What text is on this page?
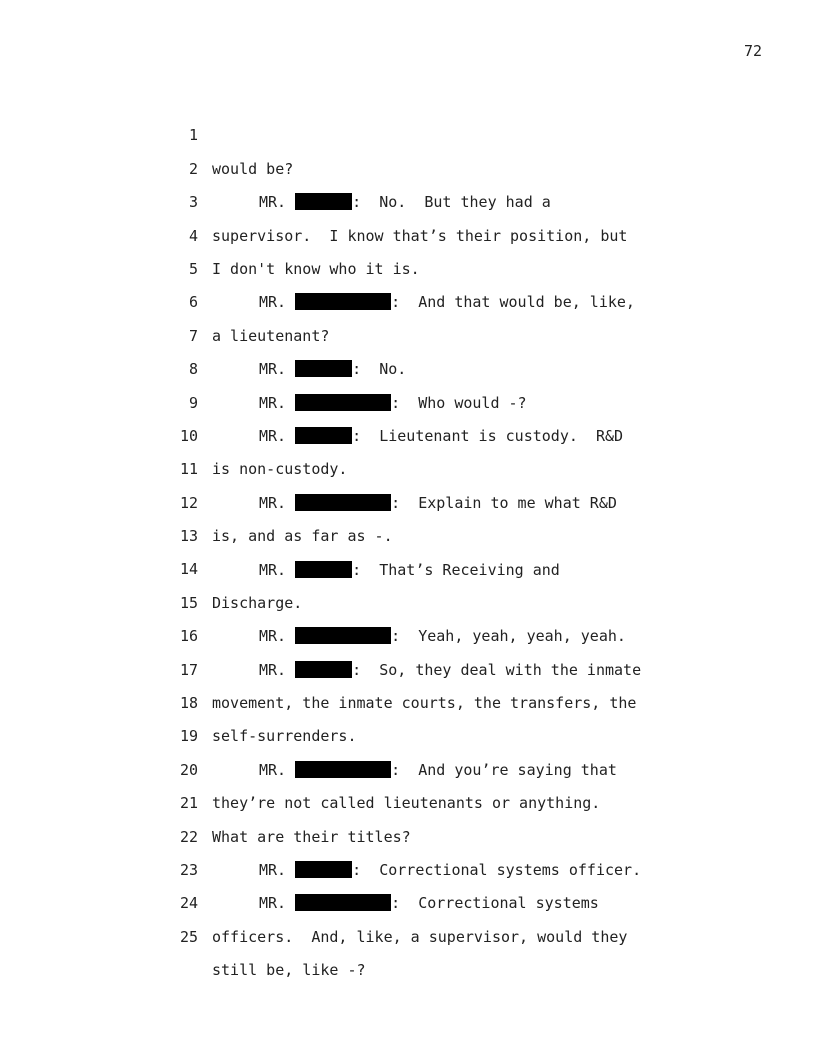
72

1

would be?

2

MR.	:  No.  But they had a

3

supervisor.  I know that’s their position, but

4

I don't know who it is.

5

MR.	:  And that would be, like,

6

a lieutenant?

7

MR.	:  No.

8

MR.	:  Who would -?

9

MR.	:  Lieutenant is custody.  R&D

10

is non-custody.

11

MR.	:  Explain to me what R&D

12

is, and as far as -.

13

MR.	:  That’s Receiving and

14

Discharge.

15

MR.	:  Yeah, yeah, yeah, yeah.

16

MR.	:  So, they deal with the inmate

17

movement, the inmate courts, the transfers, the

18

self-surrenders.

19

MR.	:  And you’re saying that

20

they’re not called lieutenants or anything.

21

What are their titles?

22

MR.	:  Correctional systems officer.

23

MR.	:  Correctional systems

24

officers.  And, like, a supervisor, would they

25

still be, like -?
